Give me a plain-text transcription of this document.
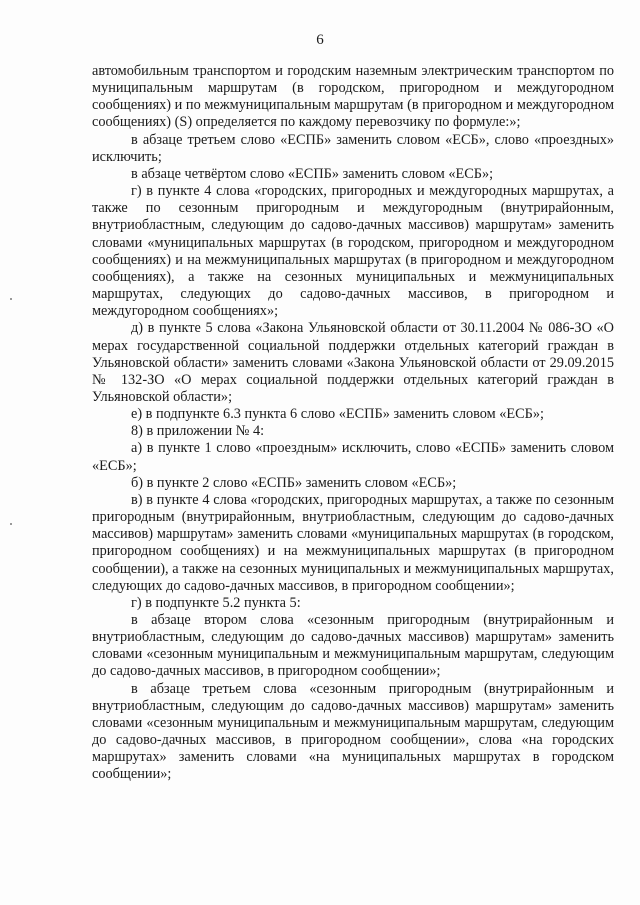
6

автомобильным транспортом и городским наземным электрическим транспортом по муниципальным маршрутам (в городском, пригородном и междугородном сообщениях) и по межмуниципальным маршрутам (в пригородном и междугородном сообщениях) (S) определяется по каждому перевозчику по формуле:»;

в абзаце третьем слово «ЕСПБ» заменить словом «ЕСБ», слово «проездных» исключить;

в абзаце четвёртом слово «ЕСПБ» заменить словом «ЕСБ»;

г) в пункте 4 слова «городских, пригородных и междугородных маршрутах, а также по сезонным пригородным и междугородным (внутрирайонным, внутриобластным, следующим до садово-дачных массивов) маршрутам» заменить словами «муниципальных маршрутах (в городском, пригородном и междугородном сообщениях) и на межмуниципальных маршрутах (в пригородном и междугородном сообщениях), а также на сезонных муниципальных и межмуниципальных маршрутах, следующих до садово-дачных массивов, в пригородном и междугородном сообщениях»;

д) в пункте 5 слова «Закона Ульяновской области от 30.11.2004 № 086-ЗО «О мерах государственной социальной поддержки отдельных категорий граждан в Ульяновской области» заменить словами «Закона Ульяновской области от 29.09.2015 № 132-ЗО «О мерах социальной поддержки отдельных категорий граждан в Ульяновской области»;

е) в подпункте 6.3 пункта 6 слово «ЕСПБ» заменить словом «ЕСБ»;

8) в приложении № 4:

а) в пункте 1 слово «проездным» исключить, слово «ЕСПБ» заменить словом «ЕСБ»;

б) в пункте 2 слово «ЕСПБ» заменить словом «ЕСБ»;

в) в пункте 4 слова «городских, пригородных маршрутах, а также по сезонным пригородным (внутрирайонным, внутриобластным, следующим до садово-дачных массивов) маршрутам» заменить словами «муниципальных маршрутах (в городском, пригородном сообщениях) и на межмуниципальных маршрутах (в пригородном сообщении), а также на сезонных муниципальных и межмуниципальных маршрутах, следующих до садово-дачных массивов, в пригородном сообщении»;

г) в подпункте 5.2 пункта 5:

в абзаце втором слова «сезонным пригородным (внутрирайонным и внутриобластным, следующим до садово-дачных массивов) маршрутам» заменить словами «сезонным муниципальным и межмуниципальным маршрутам, следующим до садово-дачных массивов, в пригородном сообщении»;

в абзаце третьем слова «сезонным пригородным (внутрирайонным и внутриобластным, следующим до садово-дачных массивов) маршрутам» заменить словами «сезонным муниципальным и межмуниципальным маршрутам, следующим до садово-дачных массивов, в пригородном сообщении», слова «на городских маршрутах» заменить словами «на муниципальных маршрутах в городском сообщении»;
